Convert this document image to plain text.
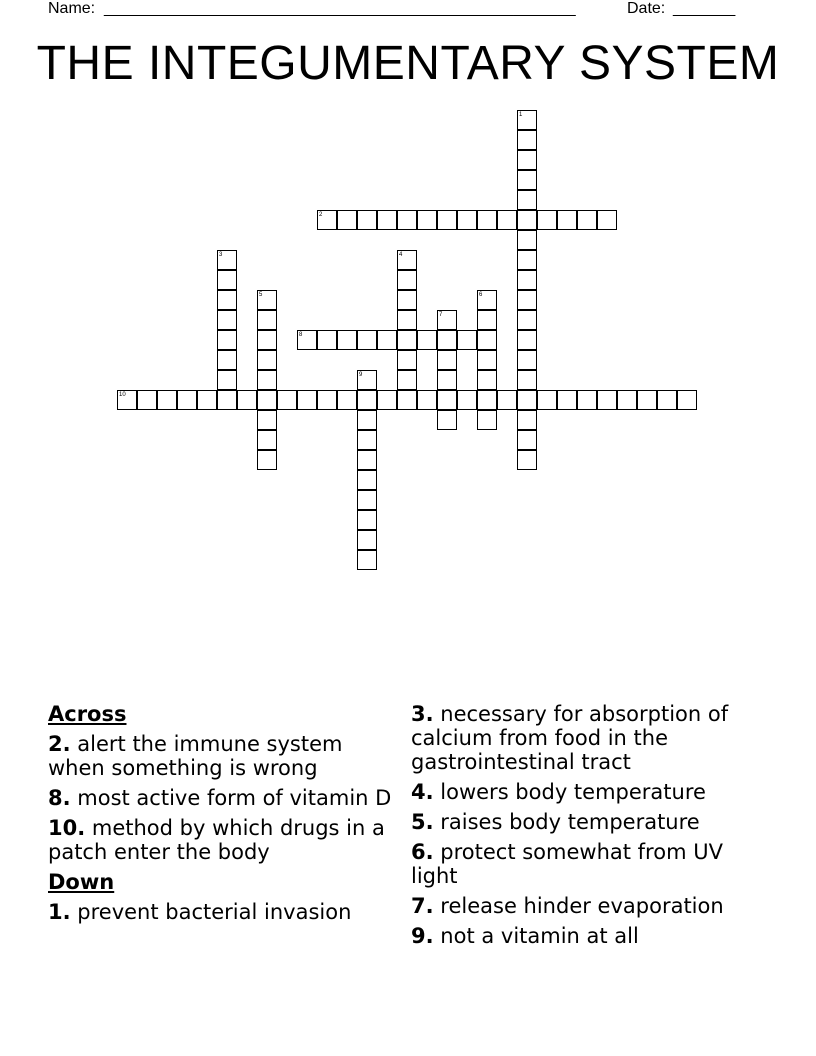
Name: _____________________________________________________	Date: _______
THE INTEGUMENTARY SYSTEM
1
2
3	4
5	6
7
8
9
10
Across
2. alert the immune system when something is wrong
8. most active form of vitamin D
10. method by which drugs in a patch enter the body
Down
1. prevent bacterial invasion
3. necessary for absorption of calcium from food in the gastrointestinal tract
4. lowers body temperature
5. raises body temperature
6. protect somewhat from UV light
7. release hinder evaporation
9. not a vitamin at all
